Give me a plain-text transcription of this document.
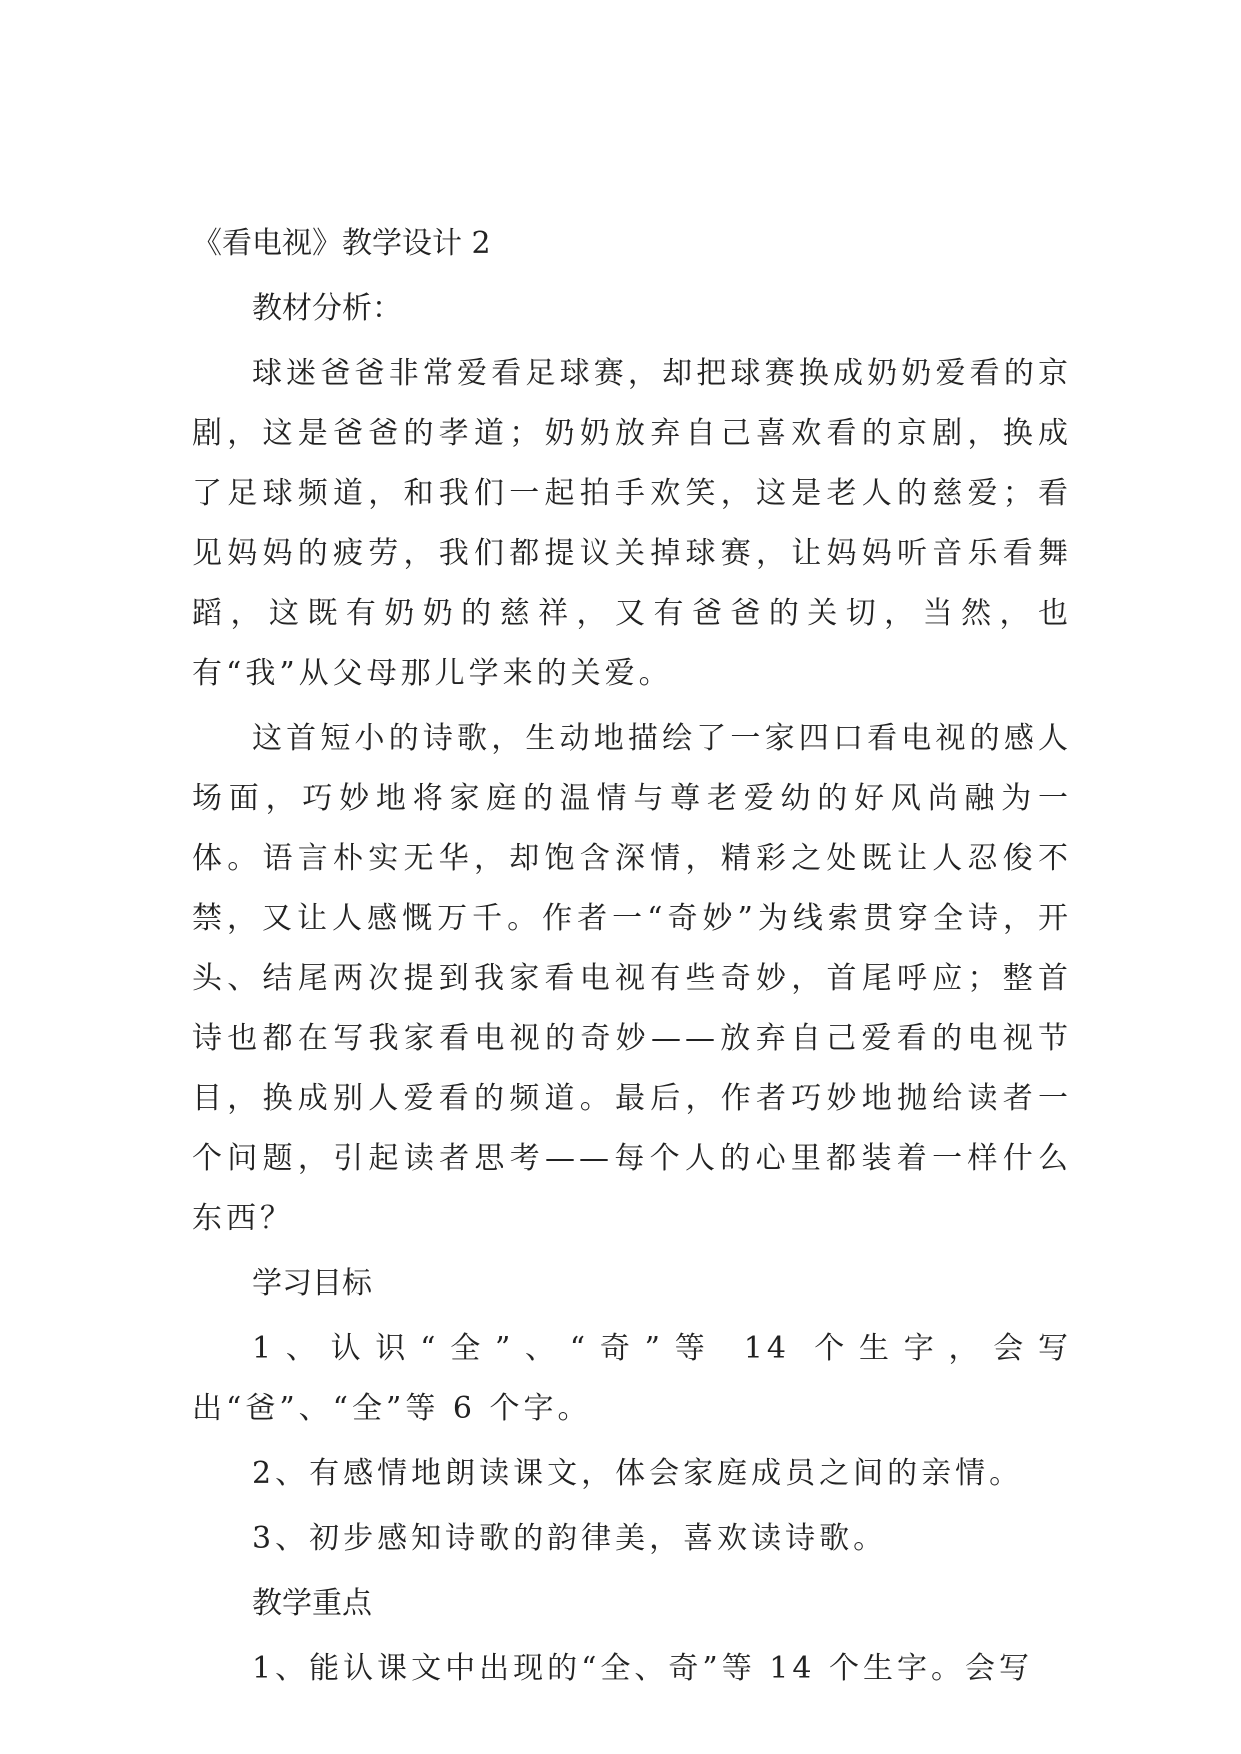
《看电视》教学设计 2
教材分析：

球迷爸爸非常爱看足球赛，却把球赛换成奶奶爱看的京剧，这是爸爸的孝道；奶奶放弃自己喜欢看的京剧，换成了足球频道，和我们一起拍手欢笑，这是老人的慈爱；看见妈妈的疲劳，我们都提议关掉球赛，让妈妈听音乐看舞蹈，这既有奶奶的慈祥，又有爸爸的关切，当然，也有“我”从父母那儿学来的关爱。

这首短小的诗歌，生动地描绘了一家四口看电视的感人场面，巧妙地将家庭的温情与尊老爱幼的好风尚融为一体。语言朴实无华，却饱含深情，精彩之处既让人忍俊不禁，又让人感慨万千。作者一“奇妙”为线索贯穿全诗，开头、结尾两次提到我家看电视有些奇妙，首尾呼应；整首诗也都在写我家看电视的奇妙——放弃自己爱看的电视节目，换成别人爱看的频道。最后，作者巧妙地抛给读者一个问题，引起读者思考——每个人的心里都装着一样什么东西？

学习目标

1、认识“全”、“奇”等 14 个生字，会写出“爸”、“全”等 6 个字。

2、有感情地朗读课文，体会家庭成员之间的亲情。

3、初步感知诗歌的韵律美，喜欢读诗歌。

教学重点

1、能认课文中出现的“全、奇”等 14 个生字。会写
